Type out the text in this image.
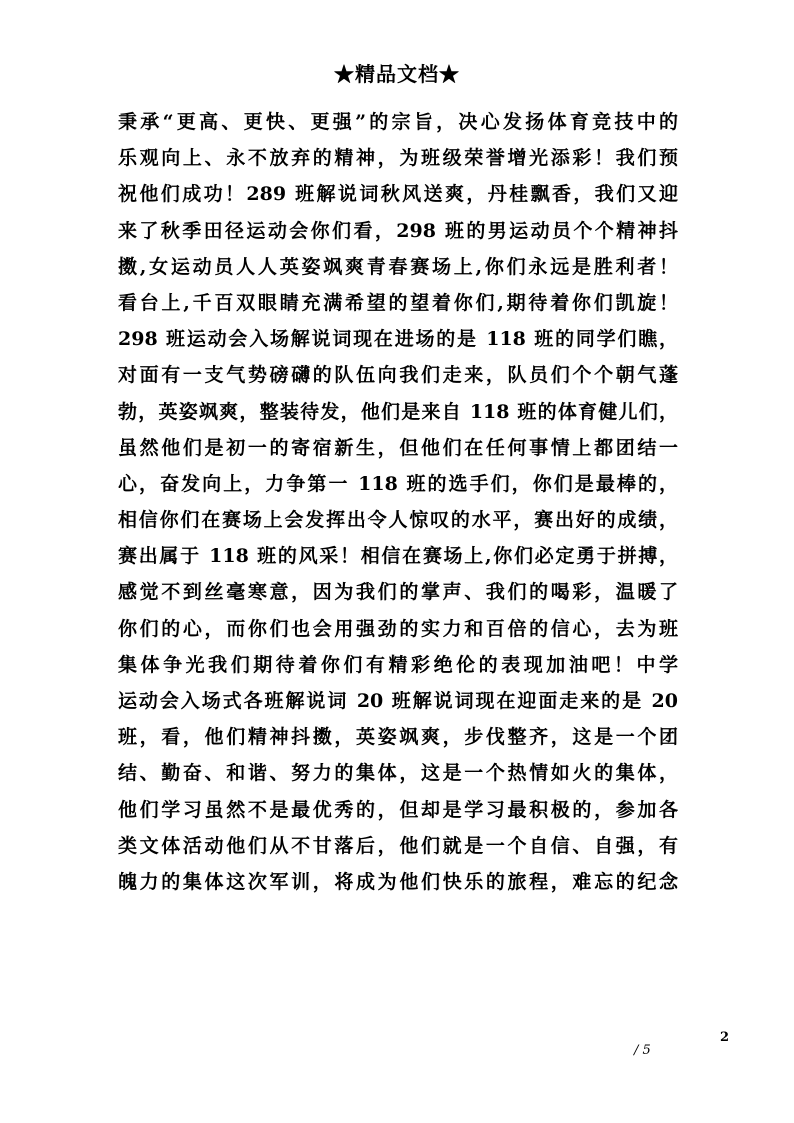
★精品文档★
秉承“更高、更快、更强”的宗旨，决心发扬体育竞技中的
乐观向上、永不放弃的精神，为班级荣誉增光添彩！我们预
祝他们成功！289 班解说词秋风送爽，丹桂飘香，我们又迎
来了秋季田径运动会你们看，298 班的男运动员个个精神抖
擞,女运动员人人英姿飒爽青春赛场上,你们永远是胜利者！
看台上,千百双眼睛充满希望的望着你们,期待着你们凯旋！
298 班运动会入场解说词现在进场的是 118 班的同学们瞧，
对面有一支气势磅礴的队伍向我们走来，队员们个个朝气蓬
勃，英姿飒爽，整装待发，他们是来自 118 班的体育健儿们，
虽然他们是初一的寄宿新生，但他们在任何事情上都团结一
心，奋发向上，力争第一 118 班的选手们，你们是最棒的，
相信你们在赛场上会发挥出令人惊叹的水平，赛出好的成绩，
赛出属于 118 班的风采！相信在赛场上,你们必定勇于拼搏，
感觉不到丝毫寒意，因为我们的掌声、我们的喝彩，温暖了
你们的心，而你们也会用强劲的实力和百倍的信心，去为班
集体争光我们期待着你们有精彩绝伦的表现加油吧！中学
运动会入场式各班解说词 20 班解说词现在迎面走来的是 20
班，看，他们精神抖擞，英姿飒爽，步伐整齐，这是一个团
结、勤奋、和谐、努力的集体，这是一个热情如火的集体，
他们学习虽然不是最优秀的，但却是学习最积极的，参加各
类文体活动他们从不甘落后，他们就是一个自信、自强，有
魄力的集体这次军训，将成为他们快乐的旅程，难忘的纪念
2
/ 5
